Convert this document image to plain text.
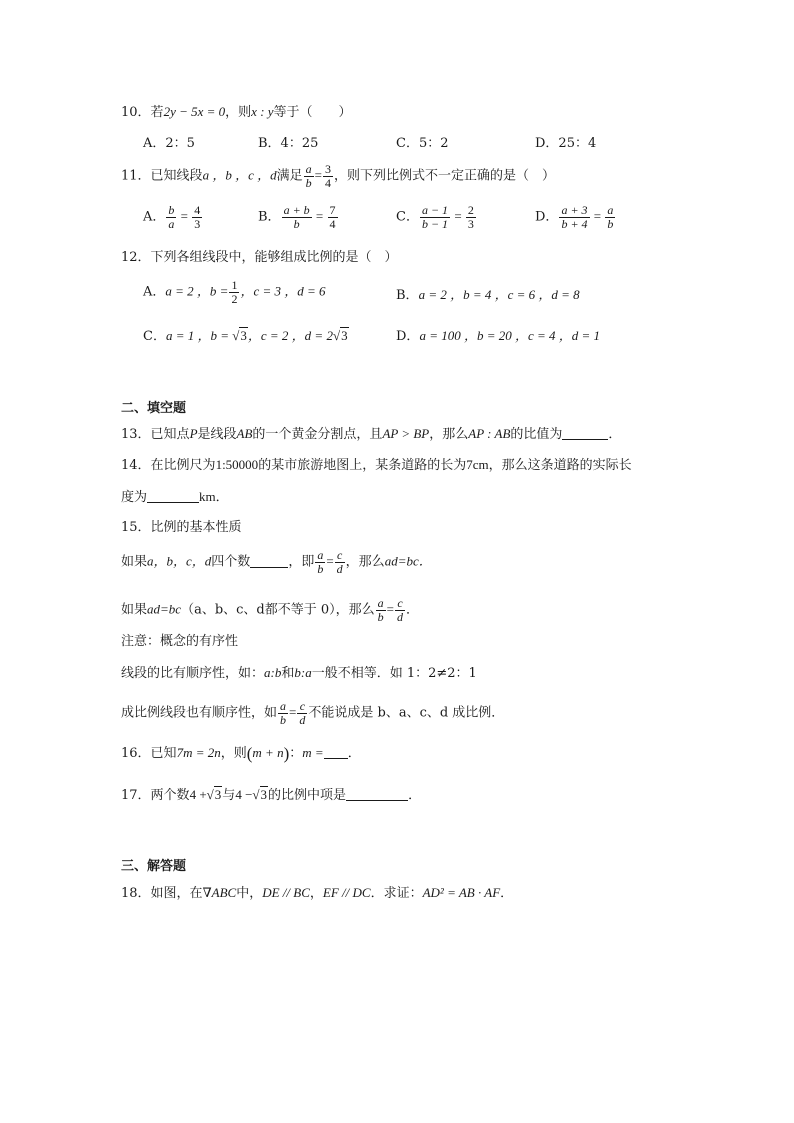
10．若2y − 5x = 0，则x : y等于（　　）
A．2：5	B．4：25	C．5：2	D．25：4
11．已知线段a ，b ，c ，d满足 $\frac{a}{b} = \frac{3}{4}$ ，则下列比例式不一定正确的是（　）
A． $\frac{b}{a} = \frac{4}{3}$	B． $\frac{a + b}{b} = \frac{7}{4}$	C． $\frac{a - 1}{b - 1} = \frac{2}{3}$	D． $\frac{a + 3}{b + 4} = \frac{a}{b}$
12．下列各组线段中，能够组成比例的是（　）
A．a = 2 ，$b = \frac{1}{2}$ ，c = 3 ，d = 6	B．a = 2 ，b = 4 ，c = 6 ，d = 8
C．a = 1 ，b = √3，c = 2 ，d = 2√3	D．a = 100 ，b = 20 ，c = 4 ，d = 1
二、填空题
13．已知点P是线段AB的一个黄金分割点，且AP > BP，那么AP : AB的比值为	．
14．在比例尺为1:50000的某市旅游地图上，某条道路的长为7cm，那么这条道路的实际长
度为	km．
15．比例的基本性质
如果a，b，c，d四个数	，即 $\frac{a}{b} = \frac{c}{d}$ ，那么ad=bc．
如果ad=bc（a、b、c、d都不等于 0），那么 $\frac{a}{b} = \frac{c}{d}$ ．
注意：概念的有序性
线段的比有顺序性，如：a:b和b:a一般不相等．如 1：2≠2：1
成比例线段也有顺序性，如 $\frac{a}{b} = \frac{c}{d}$ 不能说成是 b、a、c、d 成比例．
16．已知7m = 2n，则(m + n)：m = ．
17．两个数4 +√3与4 −√3的比例中项是	．
三、解答题
18．如图，在∇ABC中，DE // BC，EF // DC．求证：AD² = AB · AF．
